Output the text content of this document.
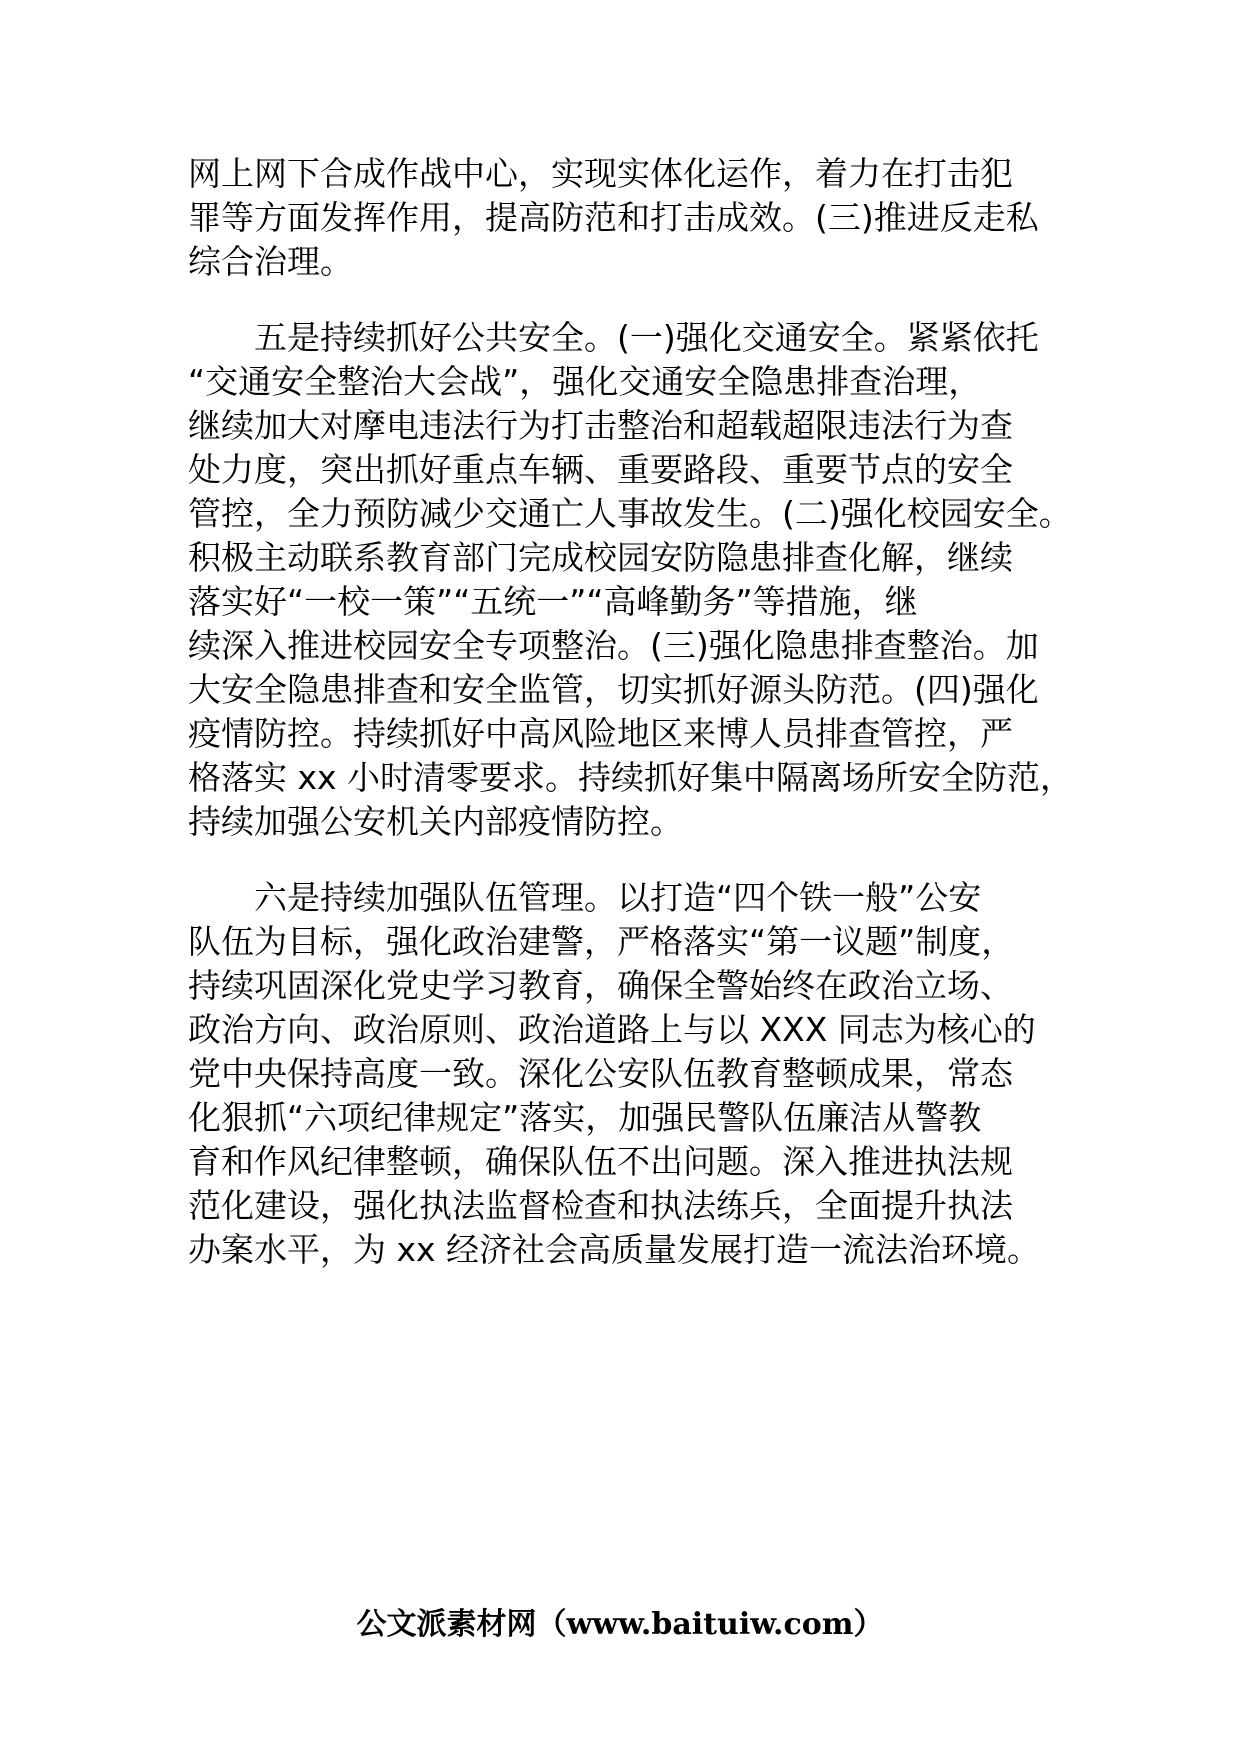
网上网下合成作战中心，实现实体化运作，着力在打击犯
罪等方面发挥作用，提高防范和打击成效。(三)推进反走私
综合治理。
　　五是持续抓好公共安全。(一)强化交通安全。紧紧依托
“交通安全整治大会战”，强化交通安全隐患排查治理，
继续加大对摩电违法行为打击整治和超载超限违法行为查
处力度，突出抓好重点车辆、重要路段、重要节点的安全
管控，全力预防减少交通亡人事故发生。(二)强化校园安全。
积极主动联系教育部门完成校园安防隐患排查化解，继续
落实好“一校一策”“五统一”“高峰勤务”等措施，继
续深入推进校园安全专项整治。(三)强化隐患排查整治。加
大安全隐患排查和安全监管，切实抓好源头防范。(四)强化
疫情防控。持续抓好中高风险地区来博人员排查管控，严
格落实 xx 小时清零要求。持续抓好集中隔离场所安全防范，
持续加强公安机关内部疫情防控。
　　六是持续加强队伍管理。以打造“四个铁一般”公安
队伍为目标，强化政治建警，严格落实“第一议题”制度，
持续巩固深化党史学习教育，确保全警始终在政治立场、
政治方向、政治原则、政治道路上与以 XXX 同志为核心的
党中央保持高度一致。深化公安队伍教育整顿成果，常态
化狠抓“六项纪律规定”落实，加强民警队伍廉洁从警教
育和作风纪律整顿，确保队伍不出问题。深入推进执法规
范化建设，强化执法监督检查和执法练兵，全面提升执法
办案水平，为 xx 经济社会高质量发展打造一流法治环境。
公文派素材网（www.baituiw.com）
